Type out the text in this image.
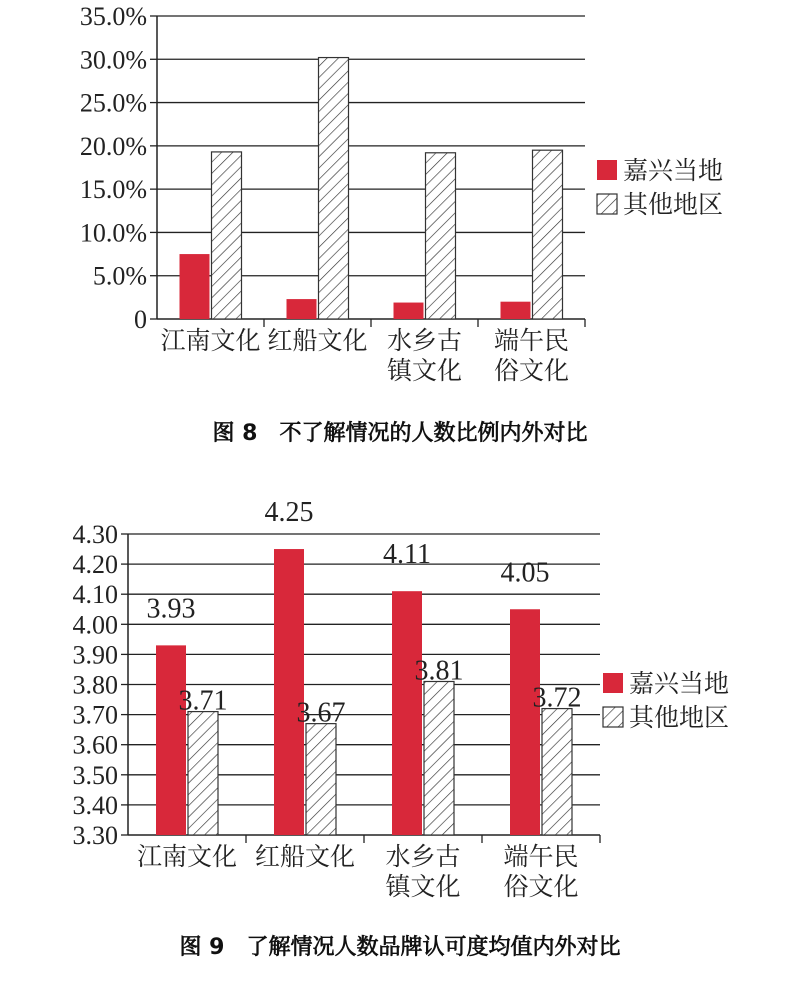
0
5.0%
10.0%
15.0%
20.0%
25.0%
30.0%
35.0%
江南文化 红船文化 水乡古
镇文化
端午民
俗文化
嘉兴当地
其他地区
图 8　不了解情况的人数比例内外对比
3.30
3.40
3.50
3.60
3.70
3.80
3.90
4.00
4.10
4.20
4.30
江南文化 红船文化 水乡古
镇文化
端午民
俗文化
3.93
4.25
4.11
4.05
3.71 3.67
3.81
3.72 嘉兴当地
其他地区
图 9　了解情况人数品牌认可度均值内外对比
